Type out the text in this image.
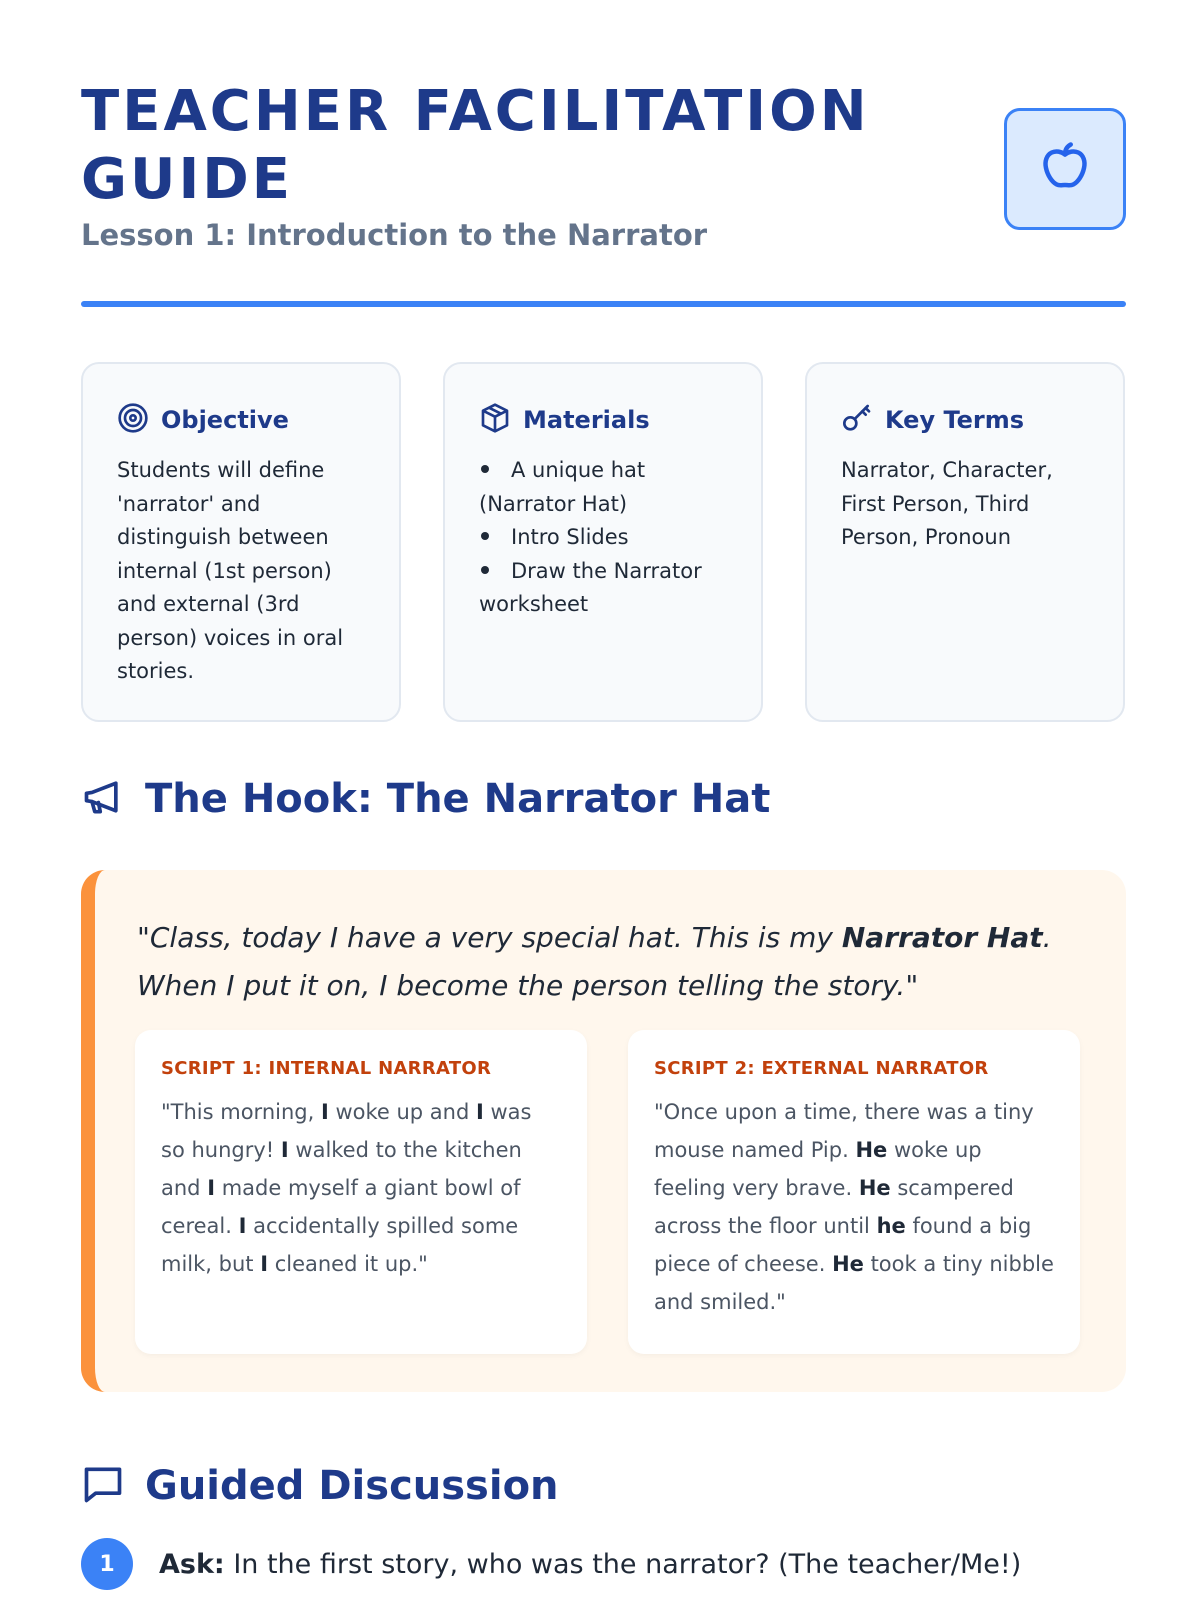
TEACHER FACILITATION GUIDE

Lesson 1: Introduction to the Narrator

Objective
Students will define 'narrator' and distinguish between internal (1st person) and external (3rd person) voices in oral stories.
Materials
A unique hat (Narrator Hat)
Intro Slides
Draw the Narrator worksheet
Key Terms
Narrator, Character, First Person, Third Person, Pronoun
The Hook: The Narrator Hat
"Class, today I have a very special hat. This is my Narrator Hat. When I put it on, I become the person telling the story."
SCRIPT 1: INTERNAL NARRATOR
"This morning, I woke up and I was so hungry! I walked to the kitchen and I made myself a giant bowl of cereal. I accidentally spilled some milk, but I cleaned it up."
SCRIPT 2: EXTERNAL NARRATOR
"Once upon a time, there was a tiny mouse named Pip. He woke up feeling very brave. He scampered across the floor until he found a big piece of cheese. He took a tiny nibble and smiled."
Guided Discussion
1	Ask: In the first story, who was the narrator? (The teacher/Me!)
